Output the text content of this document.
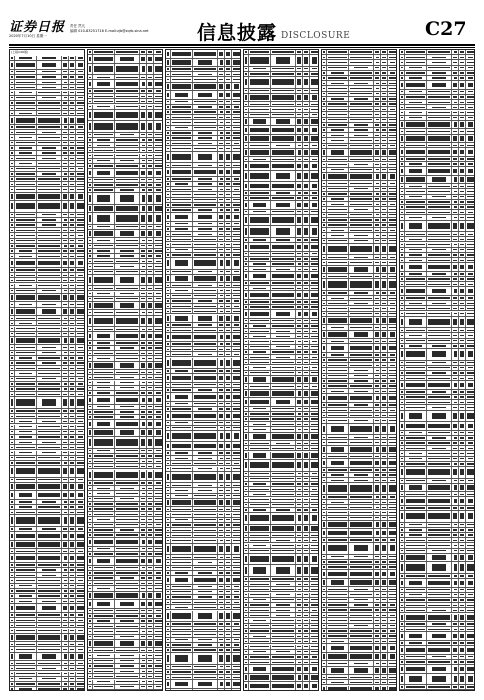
证券日报 责任 然凡
编辑 010-83251716 E-mail:zjb@zqrb.sina.net
2020年7月10日 星期一	信息披露 DISCLOSURE	C27
(上接C26版)
